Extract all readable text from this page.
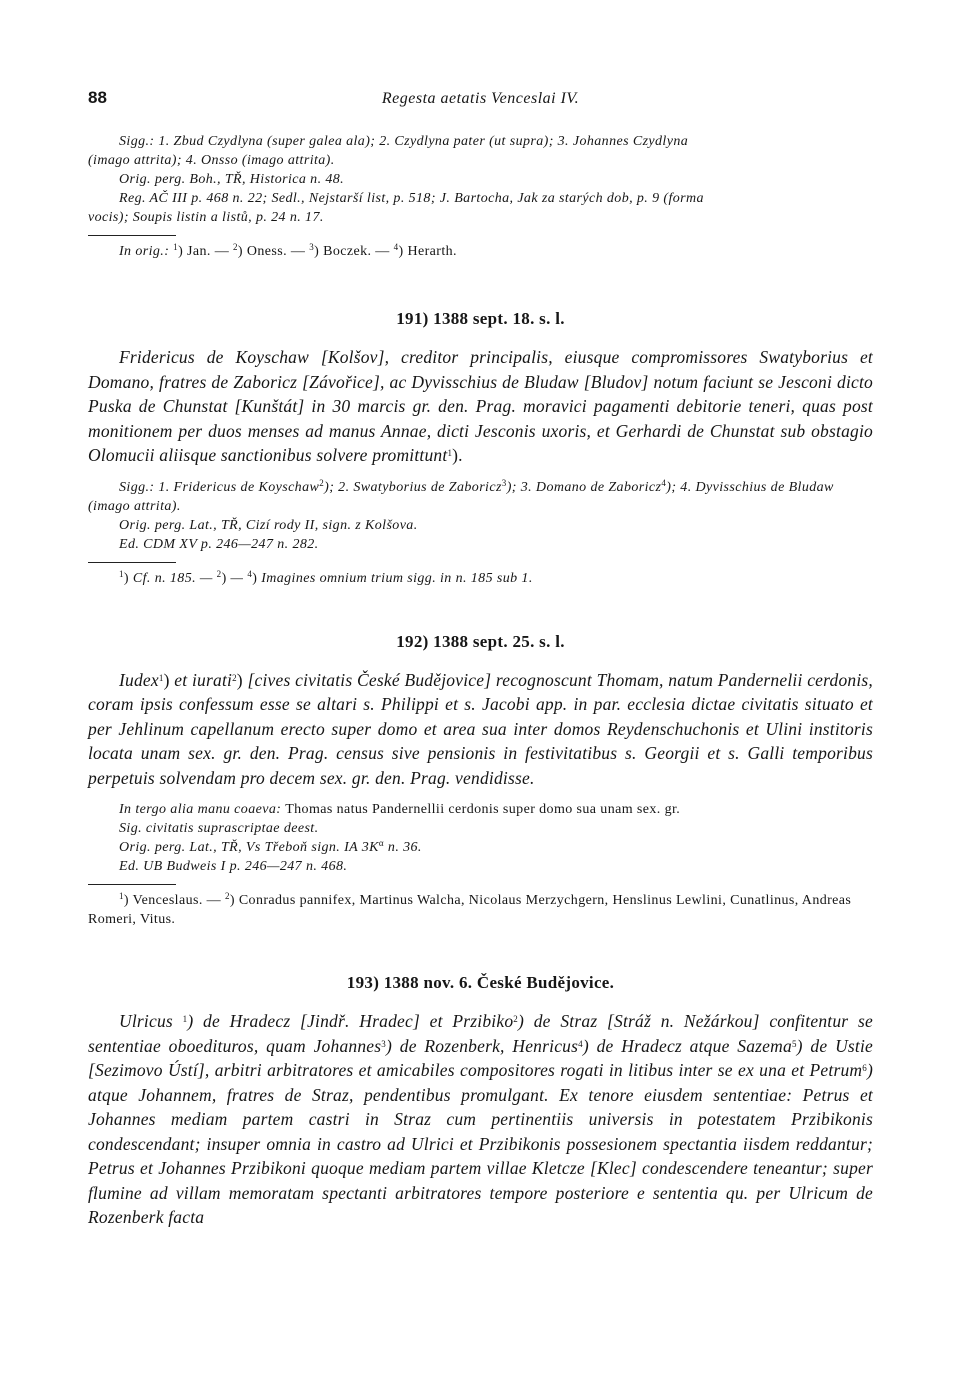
88	Regesta aetatis Venceslai IV.
Sigg.: 1. Zbud Czydlyna (super galea ala); 2. Czydlyna pater (ut supra); 3. Johannes Czydlyna
(imago attrita); 4. Onsso (imago attrita).
Orig. perg. Boh., TŘ, Historica n. 48.
Reg. AČ III p. 468 n. 22; Sedl., Nejstarší list, p. 518; J. Bartocha, Jak za starých dob, p. 9 (forma
vocis); Soupis listin a listů, p. 24 n. 17.
In orig.: $^1$) Jan. — $^2$) Oness. — $^3$) Boczek. — $^4$) Herarth.
191) 1388 sept. 18. s. l.

Fridericus de Koyschaw [Kolšov], creditor principalis, eiusque compromissores Swatyborius et Domano, fratres de Zaboricz [Závořice], ac Dyvisschius de Bludaw [Bludov] notum faciunt se Jesconi dicto Puska de Chunstat [Kunštát] in 30 marcis gr. den. Prag. moravici pagamenti debitorie teneri, quas post monitionem per duos menses ad manus Annae, dicti Jesconis uxoris, et Gerhardi de Chunstat sub obstagio Olomucii aliisque sanctionibus solvere promittunt$^1$).

Sigg.: 1. Fridericus de Koyschaw$^2$); 2. Swatyborius de Zaboricz$^3$); 3. Domano de Zaboricz$^4$); 4. Dyvisschius de Bludaw (imago attrita).
Orig. perg. Lat., TŘ, Cizí rody II, sign. z Kolšova.
Ed. CDM XV p. 246—247 n. 282.
$^1$) Cf. n. 185. — $^2$) — $^4$) Imagines omnium trium sigg. in n. 185 sub 1.
192) 1388 sept. 25. s. l.

Iudex$^1$) et iurati$^2$) [cives civitatis České Budějovice] recognoscunt Thomam, natum Pandernelii cerdonis, coram ipsis confessum esse se altari s. Philippi et s. Jacobi app. in par. ecclesia dictae civitatis situato et per Jehlinum capellanum erecto super domo et area sua inter domos Reydenschuchonis et Ulini institoris locata unam sex. gr. den. Prag. census sive pensionis in festivitatibus s. Georgii et s. Galli temporibus perpetuis solvendam pro decem sex. gr. den. Prag. vendidisse.

In tergo alia manu coaeva: Thomas natus Pandernellii cerdonis super domo sua unam sex. gr.
Sig. civitatis suprascriptae deest.
Orig. perg. Lat., TŘ, Vs Třeboň sign. IA $3K^\alpha$ n. 36.
Ed. UB Budweis I p. 246—247 n. 468.
$^1$) Venceslaus. — $^2$) Conradus pannifex, Martinus Walcha, Nicolaus Merzychgern, Henslinus Lewlini, Cunatlinus, Andreas Romeri, Vitus.
193) 1388 nov. 6. České Budějovice.

Ulricus $^1$) de Hradecz [Jindř. Hradec] et Przibiko$^2$) de Straz [Stráž n. Nežárkou] confitentur se sententiae oboedituros, quam Johannes$^3$) de Rozenberk, Henricus$^4$) de Hradecz atque Sazema$^5$) de Ustie [Sezimovo Ústí], arbitri arbitratores et amicabiles compositores rogati in litibus inter se ex una et Petrum$^6$) atque Johannem, fratres de Straz, pendentibus promulgant. Ex tenore eiusdem sententiae: Petrus et Johannes mediam partem castri in Straz cum pertinentiis universis in potestatem Przibikonis condescendant; insuper omnia in castro ad Ulrici et Przibikonis possesionem spectantia iisdem reddantur; Petrus et Johannes Przibikoni quoque mediam partem villae Kletcze [Klec] condescendere teneantur; super flumine ad villam memoratam spectanti arbitratores tempore posteriore e sententia qu. per Ulricum de Rozenberk facta
